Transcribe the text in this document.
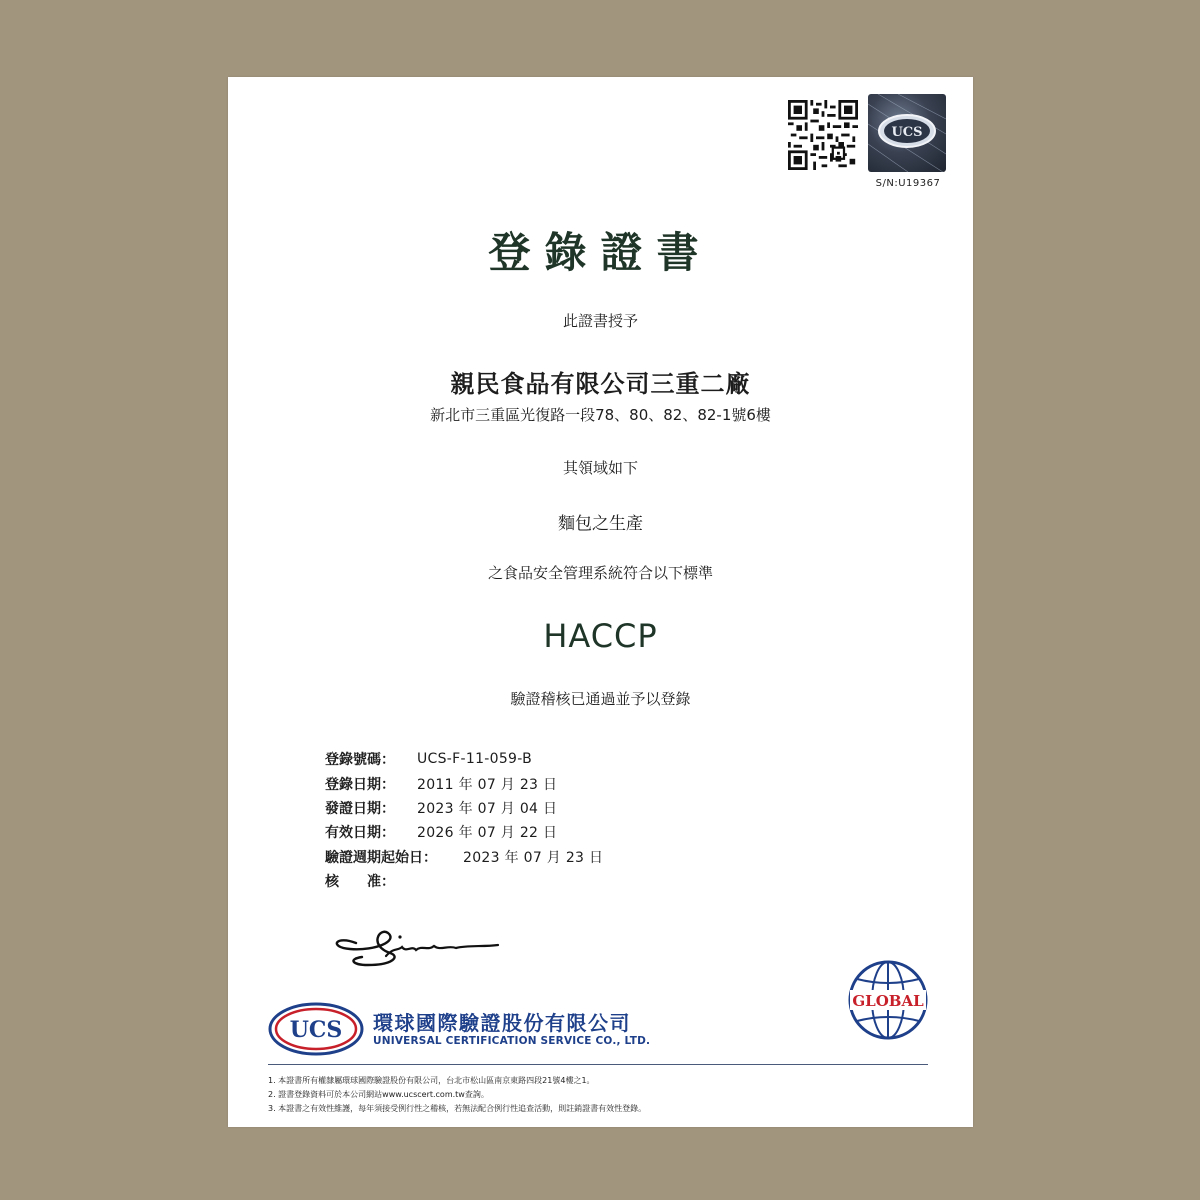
UCS
S/N:U19367
登錄證書
此證書授予
親民食品有限公司三重二廠
新北市三重區光復路一段78、80、82、82-1號6樓
其領域如下
麵包之生產
之食品安全管理系統符合以下標準
HACCP
驗證稽核已通過並予以登錄
登錄號碼：	UCS-F-11-059-B
登錄日期：	2011 年 07 月 23 日
發證日期：	2023 年 07 月 04 日
有效日期：	2026 年 07 月 22 日
驗證週期起始日：	2023 年 07 月 23 日
核　　准：
UCS 環球國際驗證股份有限公司
UNIVERSAL CERTIFICATION SERVICE CO., LTD.
GLOBAL
1. 本證書所有權隸屬環球國際驗證股份有限公司，台北市松山區南京東路四段21號4樓之1。
2. 證書登錄資料可於本公司網站www.ucscert.com.tw查詢。
3. 本證書之有效性維護，每年須接受例行性之稽核，若無法配合例行性追查活動，則註銷證書有效性登錄。
